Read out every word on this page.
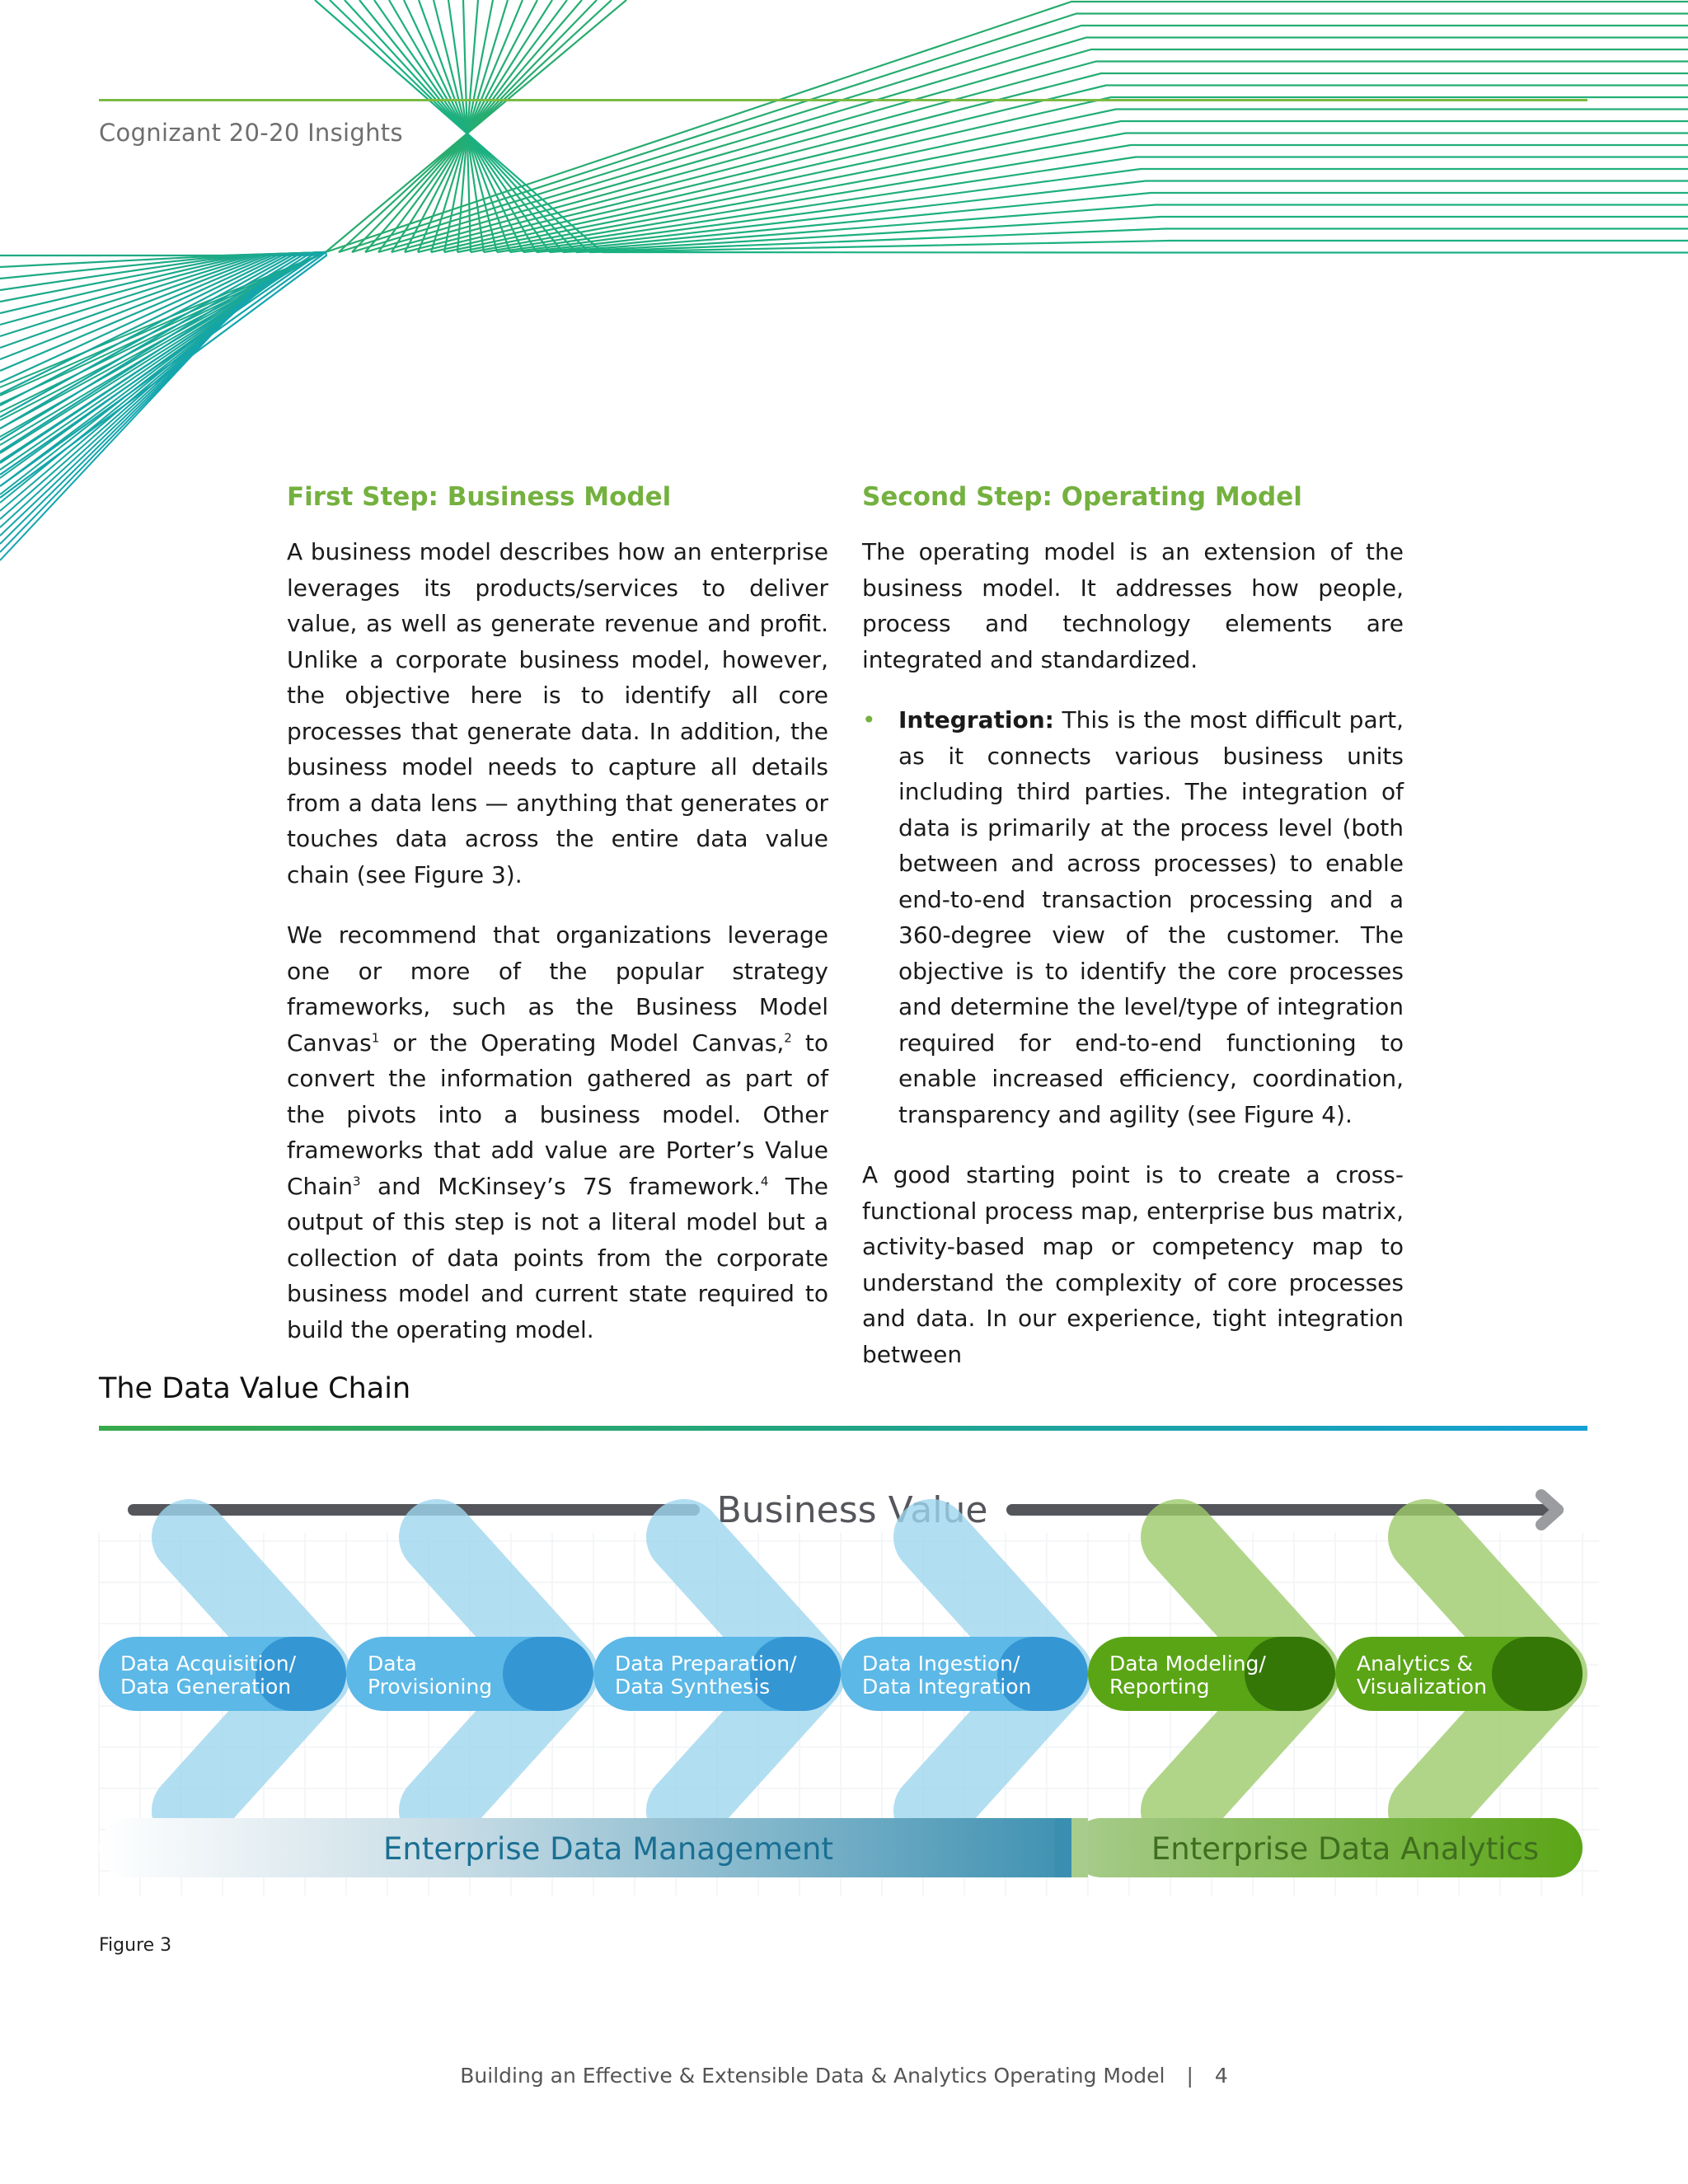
Cognizant 20-20 Insights
First Step: Business Model

A business model describes how an enterprise leverages its products/services to deliver value, as well as generate revenue and profit. Unlike a corporate business model, however, the objective here is to identify all core processes that generate data. In addition, the business model needs to capture all details from a data lens — anything that generates or touches data across the entire data value chain (see Figure 3).

We recommend that organizations leverage one or more of the popular strategy frameworks, such as the Business Model Canvas$^1$ or the Operating Model Canvas,$^2$ to convert the information gathered as part of the pivots into a business model. Other frameworks that add value are Porter’s Value Chain$^3$ and McKinsey’s 7S framework.$^4$ The output of this step is not a literal model but a collection of data points from the corporate business model and current state required to build the operating model.

Second Step: Operating Model

The operating model is an extension of the business model. It addresses how people, process and technology elements are integrated and standardized.

• Integration: This is the most difficult part, as it connects various business units including third parties. The integration of data is primarily at the process level (both between and across processes) to enable end-to-end transaction processing and a 360-degree view of the customer. The objective is to identify the core processes and determine the level/type of integration required for end-to-end functioning to enable increased efficiency, coordination, transparency and agility (see Figure 4).

A good starting point is to create a cross-functional process map, enterprise bus matrix, activity-based map or competency map to understand the complexity of core processes and data. In our experience, tight integration between

The Data Value Chain
Business Value
Data Acquisition/
Data Generation
Data
Provisioning
Data Preparation/
Data Synthesis
Data Ingestion/
Data Integration
Data Modeling/
Reporting
Analytics &
Visualization
Enterprise Data Management	Enterprise Data Analytics
Figure 3
Building an Effective & Extensible Data & Analytics Operating Model | 4
